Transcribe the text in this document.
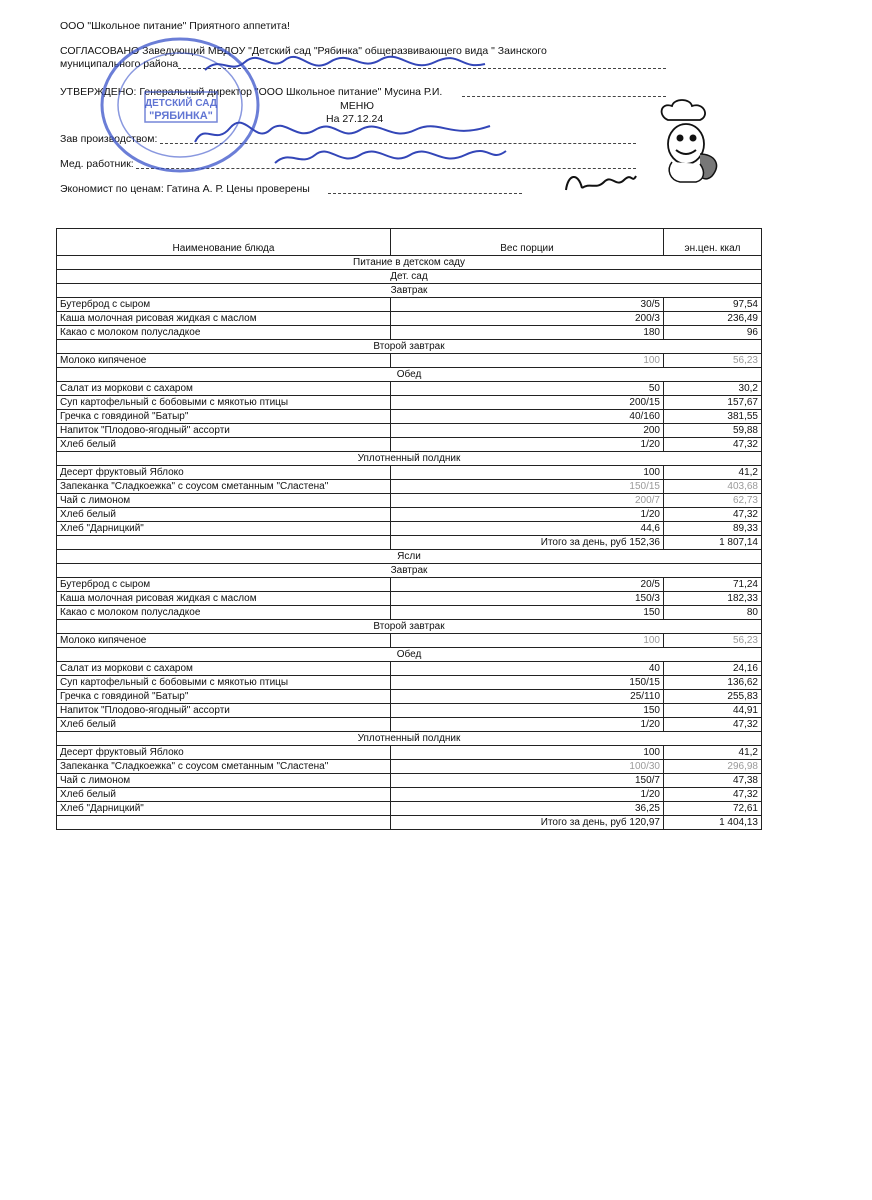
ООО "Школьное питание" Приятного аппетита!
СОГЛАСОВАНО Заведующий МБДОУ "Детский сад "Рябинка" общеразвивающего вида " Заинского
муниципального района
УТВЕРЖДЕНО: Генеральный директор "ООО Школьное питание" Мусина Р.И.
МЕНЮ
На 27.12.24
Зав производством:
Мед. работник:
Экономист по ценам: Гатина А. Р. Цены проверены
ДЕТСКИЙ САД
"РЯБИНКА"
Наименование блюда	Вес порции	эн.цен. ккал
Питание в детском саду		
Дет. сад		
Завтрак		
Бутерброд с сыром	30/5	97,54
Каша молочная рисовая жидкая с маслом	200/3	236,49
Какао с молоком полусладкое	180	96
Второй завтрак		
Молоко кипяченое	100	56,23
Обед		
Салат из моркови с сахаром	50	30,2
Суп картофельный с бобовыми с мякотью птицы	200/15	157,67
Гречка с говядиной "Батыр"	40/160	381,55
Напиток "Плодово-ягодный" ассорти	200	59,88
Хлеб белый	1/20	47,32
Уплотненный полдник		
Десерт фруктовый Яблоко	100	41,2
Запеканка "Сладкоежка" с соусом сметанным "Сластена"	150/15	403,68
Чай с лимоном	200/7	62,73
Хлеб белый	1/20	47,32
Хлеб "Дарницкий"	44,6	89,33
	Итого за день, руб 152,36	1 807,14
Ясли		
Завтрак		
Бутерброд с сыром	20/5	71,24
Каша молочная рисовая жидкая с маслом	150/3	182,33
Какао с молоком полусладкое	150	80
Второй завтрак		
Молоко кипяченое	100	56,23
Обед		
Салат из моркови с сахаром	40	24,16
Суп картофельный с бобовыми с мякотью птицы	150/15	136,62
Гречка с говядиной "Батыр"	25/110	255,83
Напиток "Плодово-ягодный" ассорти	150	44,91
Хлеб белый	1/20	47,32
Уплотненный полдник		
Десерт фруктовый Яблоко	100	41,2
Запеканка "Сладкоежка" с соусом сметанным "Сластена"	100/30	296,98
Чай с лимоном	150/7	47,38
Хлеб белый	1/20	47,32
Хлеб "Дарницкий"	36,25	72,61
	Итого за день, руб 120,97	1 404,13
